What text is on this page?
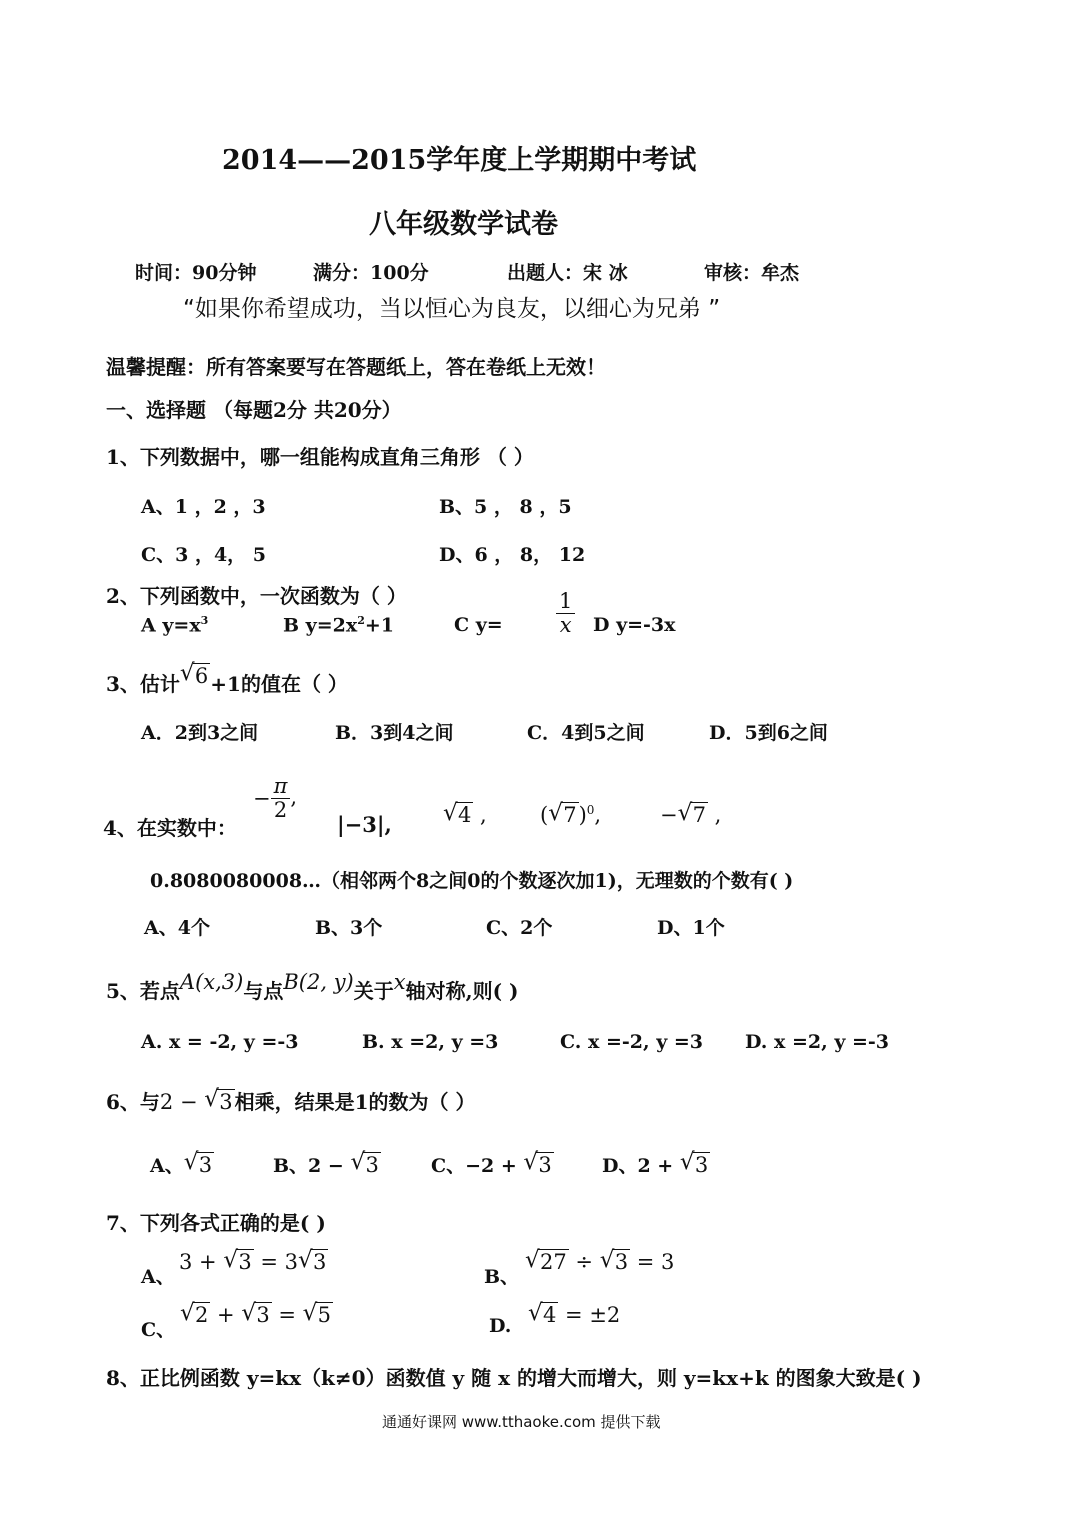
2014——2015学年度上学期期中考试
八年级数学试卷
时间：90分钟	满分：100分	出题人：宋 冰	审核：牟杰
“如果你希望成功，当以恒心为良友，以细心为兄弟 ”
温馨提醒：所有答案要写在答题纸上，答在卷纸上无效！
一、选择题 （每题2分 共20分）
1、下列数据中，哪一组能构成直角三角形 （ ）
A、1 ，2 ，3	B、5 ， 8 ，5
C、3 ，4， 5	D、6 ， 8， 12
2、下列函数中，一次函数为（ ）
A $y=x^3$	B $y=2x^2+1$	C y=	$\frac{1}{x}$ D y=-3x
3、估计 √ 6 +1的值在（ ）
A．2到3之间	B．3到4之间	C．4到5之间	D．5到6之间
4、在实数中：
− $\frac{\pi}{2}$ ,
|−3|,	√ 4 ,	( √ 7)$^0$,	− √ 7 ,
0.8080080008…（相邻两个8之间0的个数逐次加1)，无理数的个数有( )
A、4个	B、3个	C、2个	D、1个
5、若点A(x,3)与点B(2, y)关于x轴对称,则( )
A. x = -2, y =-3	B. x =2, y =3	C. x =-2, y =3 D. x =2, y =-3
6、与2 − √ 3 相乘，结果是1的数为（ ）
A、 √ 3	B、2 − √ 3	C、−2 + √ 3	D、2 + √ 3
7、下列各式正确的是( )
A、
3 + √ 3 = 3 √ 3
B、
√ 27 ÷ √ 3 = 3
C、
√ 2 + √ 3 = √ 5	D.	√ 4 = ±2
8、正比例函数 y=kx（k≠0）函数值 y 随 x 的增大而增大，则 y=kx+k 的图象大致是( )
通通好课网 www.tthaoke.com 提供下载
